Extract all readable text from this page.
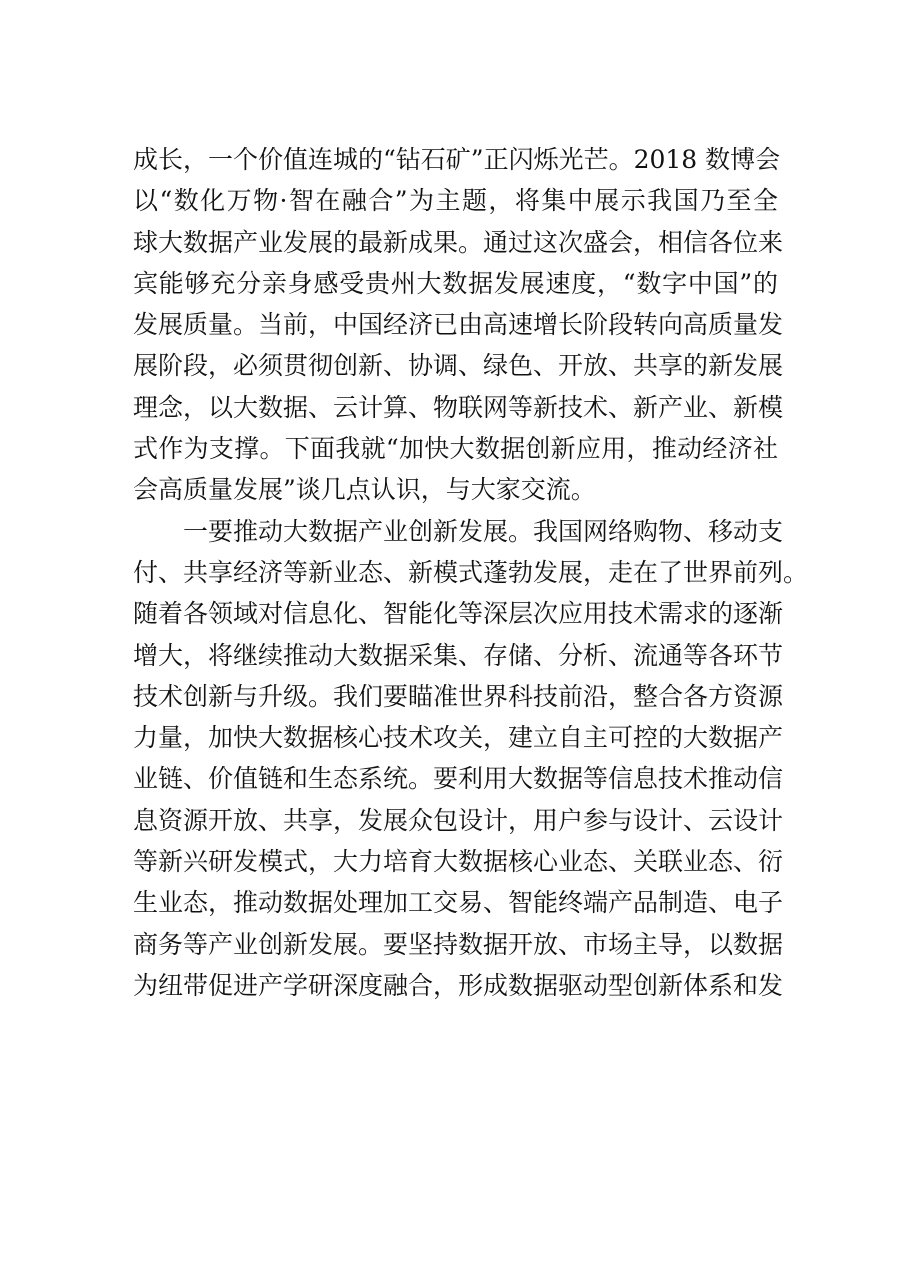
成长，一个价值连城的“钻石矿”正闪烁光芒。2018 数博会
以“数化万物·智在融合”为主题，将集中展示我国乃至全
球大数据产业发展的最新成果。通过这次盛会，相信各位来
宾能够充分亲身感受贵州大数据发展速度，“数字中国”的
发展质量。当前，中国经济已由高速增长阶段转向高质量发
展阶段，必须贯彻创新、协调、绿色、开放、共享的新发展
理念，以大数据、云计算、物联网等新技术、新产业、新模
式作为支撑。下面我就“加快大数据创新应用，推动经济社
会高质量发展”谈几点认识，与大家交流。

一要推动大数据产业创新发展。我国网络购物、移动支
付、共享经济等新业态、新模式蓬勃发展，走在了世界前列。
随着各领域对信息化、智能化等深层次应用技术需求的逐渐
增大，将继续推动大数据采集、存储、分析、流通等各环节
技术创新与升级。我们要瞄准世界科技前沿，整合各方资源
力量，加快大数据核心技术攻关，建立自主可控的大数据产
业链、价值链和生态系统。要利用大数据等信息技术推动信
息资源开放、共享，发展众包设计，用户参与设计、云设计
等新兴研发模式，大力培育大数据核心业态、关联业态、衍
生业态，推动数据处理加工交易、智能终端产品制造、电子
商务等产业创新发展。要坚持数据开放、市场主导，以数据
为纽带促进产学研深度融合，形成数据驱动型创新体系和发
